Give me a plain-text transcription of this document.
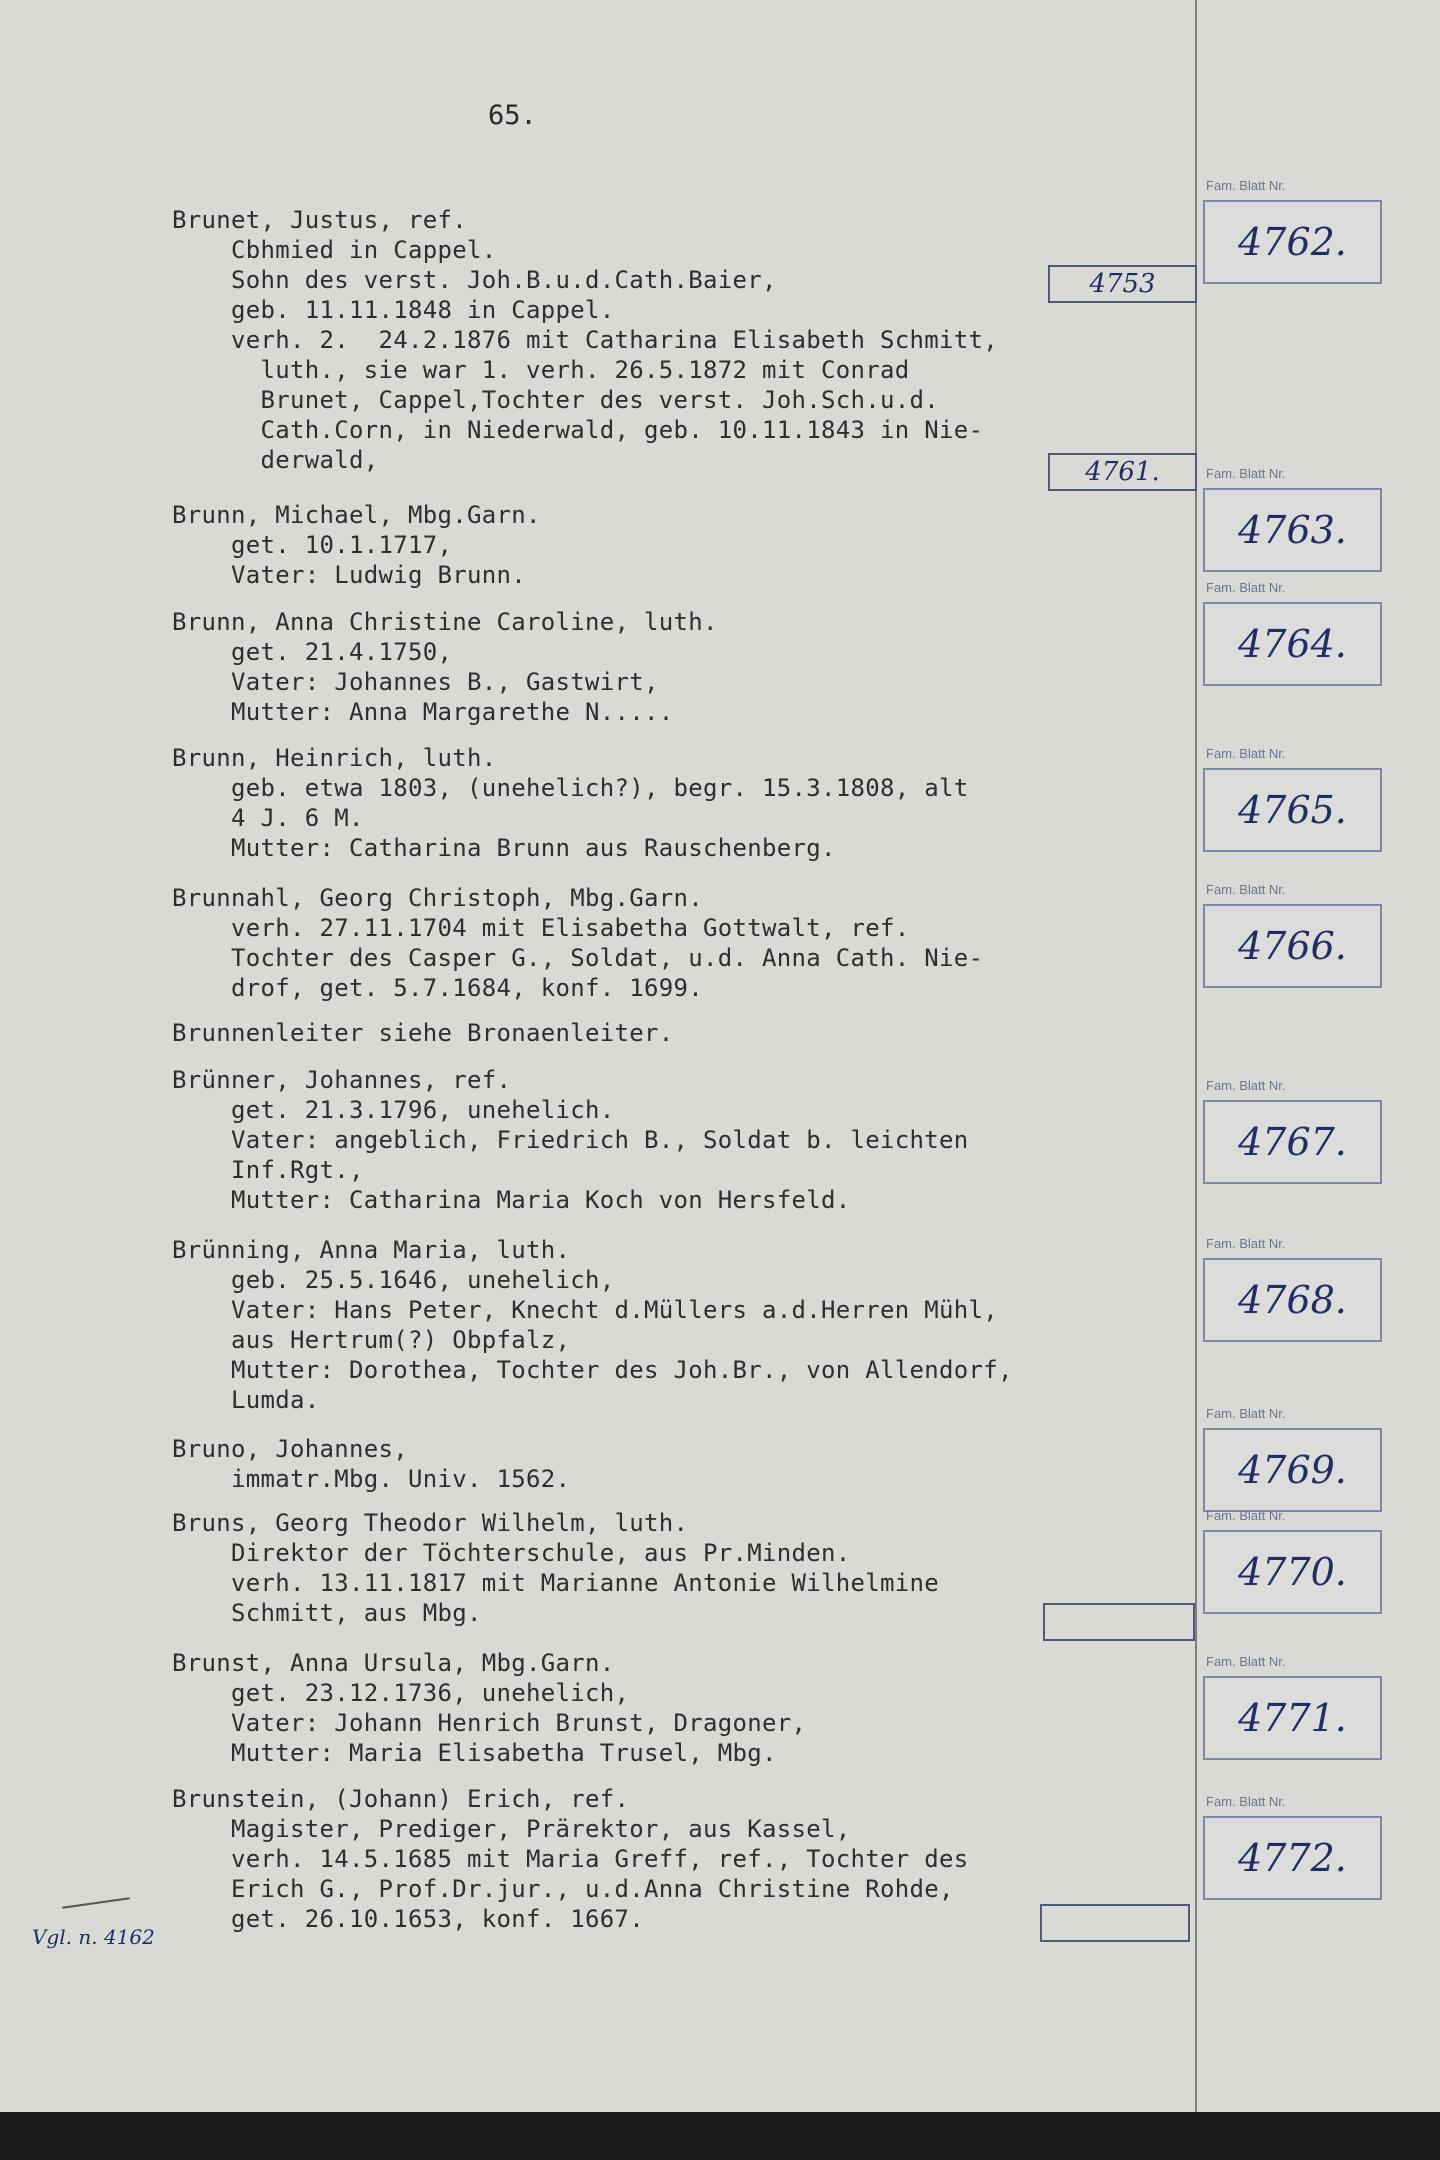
65.
Brunet, Justus, ref.
Cbhmied in Cappel.
Sohn des verst. Joh.B.u.d.Cath.Baier,
geb. 11.11.1848 in Cappel.
verh. 2.  24.2.1876 mit Catharina Elisabeth Schmitt,
luth., sie war 1. verh. 26.5.1872 mit Conrad
Brunet, Cappel,Tochter des verst. Joh.Sch.u.d.
Cath.Corn, in Niederwald, geb. 10.11.1843 in Nie-
derwald,
4753
4761.
Brunn, Michael, Mbg.Garn.
get. 10.1.1717,
Vater: Ludwig Brunn.
Brunn, Anna Christine Caroline, luth.
get. 21.4.1750,
Vater: Johannes B., Gastwirt,
Mutter: Anna Margarethe N.....
Brunn, Heinrich, luth.
geb. etwa 1803, (unehelich?), begr. 15.3.1808, alt
4 J. 6 M.
Mutter: Catharina Brunn aus Rauschenberg.
Brunnahl, Georg Christoph, Mbg.Garn.
verh. 27.11.1704 mit Elisabetha Gottwalt, ref.
Tochter des Casper G., Soldat, u.d. Anna Cath. Nie-
drof, get. 5.7.1684, konf. 1699.
Brunnenleiter siehe Bronaenleiter.
Brünner, Johannes, ref.
get. 21.3.1796, unehelich.
Vater: angeblich, Friedrich B., Soldat b. leichten
Inf.Rgt.,
Mutter: Catharina Maria Koch von Hersfeld.
Brünning, Anna Maria, luth.
geb. 25.5.1646, unehelich,
Vater: Hans Peter, Knecht d.Müllers a.d.Herren Mühl,
aus Hertrum(?) Obpfalz,
Mutter: Dorothea, Tochter des Joh.Br., von Allendorf,
Lumda.
Bruno, Johannes,
immatr.Mbg. Univ. 1562.
Bruns, Georg Theodor Wilhelm, luth.
Direktor der Töchterschule, aus Pr.Minden.
verh. 13.11.1817 mit Marianne Antonie Wilhelmine
Schmitt, aus Mbg.
Brunst, Anna Ursula, Mbg.Garn.
get. 23.12.1736, unehelich,
Vater: Johann Henrich Brunst, Dragoner,
Mutter: Maria Elisabetha Trusel, Mbg.
Brunstein, (Johann) Erich, ref.
Magister, Prediger, Prärektor, aus Kassel,
verh. 14.5.1685 mit Maria Greff, ref., Tochter des
Erich G., Prof.Dr.jur., u.d.Anna Christine Rohde,
get. 26.10.1653, konf. 1667.
Fam. Blatt Nr.
4762.
Fam. Blatt Nr.
4763.
Fam. Blatt Nr.
4764.
Fam. Blatt Nr.
4765.
Fam. Blatt Nr.
4766.
Fam. Blatt Nr.
4767.
Fam. Blatt Nr.
4768.
Fam. Blatt Nr.
4769.
Fam. Blatt Nr.
4770.
Fam. Blatt Nr.
4771.
Fam. Blatt Nr.
4772.
Vgl. n. 4162
